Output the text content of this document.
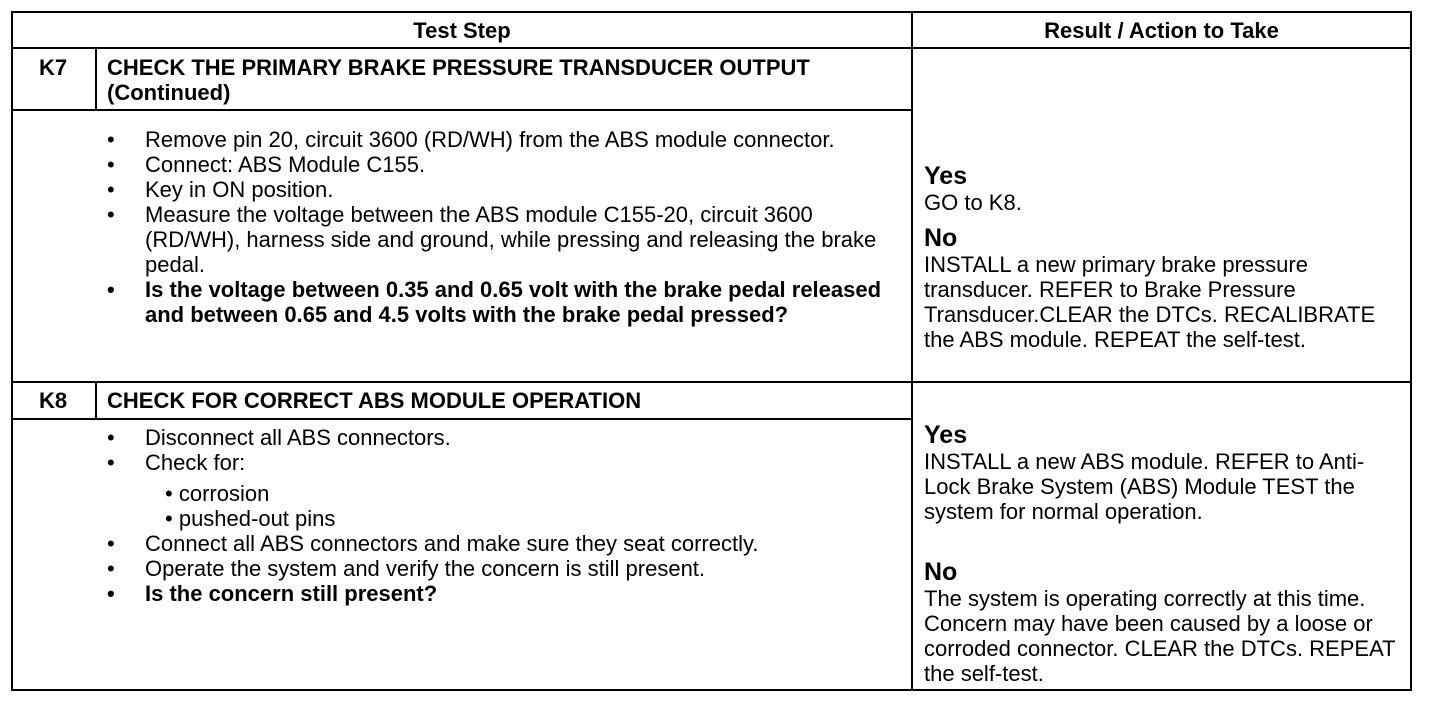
Test Step	Result / Action to Take
K7	CHECK THE PRIMARY BRAKE PRESSURE TRANSDUCER OUTPUT (Continued)
•	Remove pin 20, circuit 3600 (RD/WH) from the ABS module connector.
•	Connect: ABS Module C155.
•	Key in ON position.
•	Measure the voltage between the ABS module C155-20, circuit 3600 (RD/WH), harness side and ground, while pressing and releasing the brake pedal.
•	Is the voltage between 0.35 and 0.65 volt with the brake pedal released and between 0.65 and 4.5 volts with the brake pedal pressed?
Yes
GO to K8.
No
INSTALL a new primary brake pressure transducer. REFER to Brake Pressure Transducer.CLEAR the DTCs. RECALIBRATE the ABS module. REPEAT the self-test.
K8	CHECK FOR CORRECT ABS MODULE OPERATION
•	Disconnect all ABS connectors.
•	Check for:
• corrosion
• pushed-out pins
•	Connect all ABS connectors and make sure they seat correctly.
•	Operate the system and verify the concern is still present.
•	Is the concern still present?
Yes
INSTALL a new ABS module. REFER to Anti-Lock Brake System (ABS) Module TEST the system for normal operation.
No
The system is operating correctly at this time. Concern may have been caused by a loose or corroded connector. CLEAR the DTCs. REPEAT the self-test.
